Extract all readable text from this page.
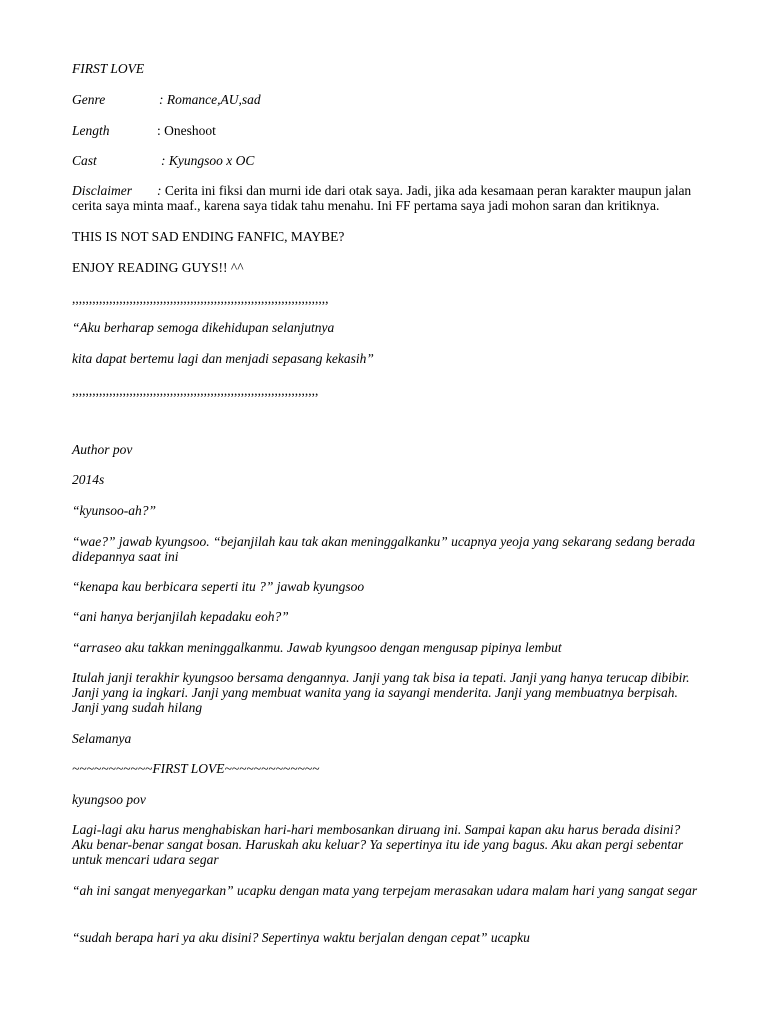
FIRST LOVE

Genre	: Romance,AU,sad

Length	: Oneshoot

Cast	: Kyungsoo x OC

Disclaimer : Cerita ini fiksi dan murni ide dari otak saya. Jadi, jika ada kesamaan peran karakter maupun jalan cerita saya minta maaf., karena saya tidak tahu menahu. Ini FF pertama saya jadi mohon saran dan kritiknya.

THIS IS NOT SAD ENDING FANFIC, MAYBE?

ENJOY READING GUYS!! ^^

,,,,,,,,,,,,,,,,,,,,,,,,,,,,,,,,,,,,,,,,,,,,,,,,,,,,,,,,,,,,,,,,,,,,,,,,,,,,

“Aku berharap semoga dikehidupan selanjutnya

kita dapat bertemu lagi dan menjadi sepasang kekasih”

,,,,,,,,,,,,,,,,,,,,,,,,,,,,,,,,,,,,,,,,,,,,,,,,,,,,,,,,,,,,,,,,,,,,,,,,,

Author pov

2014s

“kyunsoo-ah?”

“wae?” jawab kyungsoo. “bejanjilah kau tak akan meninggalkanku” ucapnya yeoja yang sekarang sedang berada didepannya saat ini

“kenapa kau berbicara seperti itu ?” jawab kyungsoo

“ani hanya berjanjilah kepadaku eoh?”

“arraseo aku takkan meninggalkanmu. Jawab kyungsoo dengan mengusap pipinya lembut

Itulah janji terakhir kyungsoo bersama dengannya. Janji yang tak bisa ia tepati. Janji yang hanya terucap dibibir. Janji yang ia ingkari. Janji yang membuat wanita yang ia sayangi menderita. Janji yang membuatnya berpisah. Janji yang sudah hilang

Selamanya

~~~~~~~~~~~FIRST LOVE~~~~~~~~~~~~~

kyungsoo pov

Lagi-lagi aku harus menghabiskan hari-hari membosankan diruang ini. Sampai kapan aku harus berada disini? Aku benar-benar sangat bosan. Haruskah aku keluar? Ya sepertinya itu ide yang bagus. Aku akan pergi sebentar untuk mencari udara segar

“ah ini sangat menyegarkan” ucapku dengan mata yang terpejam merasakan udara malam hari yang sangat segar

“sudah berapa hari ya aku disini? Sepertinya waktu berjalan dengan cepat” ucapku
